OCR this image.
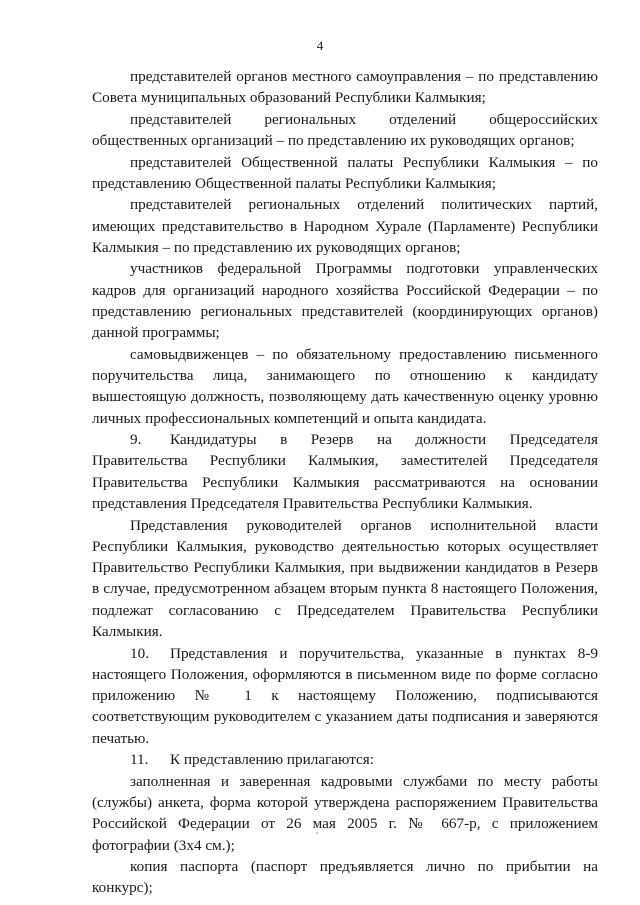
4

представителей органов местного самоуправления – по представлению Совета муниципальных образований Республики Калмыкия;

представителей региональных отделений общероссийских общественных организаций – по представлению их руководящих органов;

представителей Общественной палаты Республики Калмыкия – по представлению Общественной палаты Республики Калмыкия;

представителей региональных отделений политических партий, имеющих представительство в Народном Хурале (Парламенте) Республики Калмыкия – по представлению их руководящих органов;

участников федеральной Программы подготовки управленческих кадров для организаций народного хозяйства Российской Федерации – по представлению региональных представителей (координирующих органов) данной программы;

самовыдвиженцев – по обязательному предоставлению письменного поручительства лица, занимающего по отношению к кандидату вышестоящую должность, позволяющему дать качественную оценку уровню личных профессиональных компетенций и опыта кандидата.

9. Кандидатуры в Резерв на должности Председателя Правительства Республики Калмыкия, заместителей Председателя Правительства Республики Калмыкия рассматриваются на основании представления Председателя Правительства Республики Калмыкия.

Представления руководителей органов исполнительной власти Республики Калмыкия, руководство деятельностью которых осуществляет Правительство Республики Калмыкия, при выдвижении кандидатов в Резерв в случае, предусмотренном абзацем вторым пункта 8 настоящего Положения, подлежат согласованию с Председателем Правительства Республики Калмыкия.

10. Представления и поручительства, указанные в пунктах 8-9 настоящего Положения, оформляются в письменном виде по форме согласно приложению № 1 к настоящему Положению, подписываются соответствующим руководителем с указанием даты подписания и заверяются печатью.

11. К представлению прилагаются:

заполненная и заверенная кадровыми службами по месту работы (службы) анкета, форма которой утверждена распоряжением Правительства Российской Федерации от 26 мая 2005 г. № 667-р, с приложением фотографии (3х4 см.);

копия паспорта (паспорт предъявляется лично по прибытии на конкурс);
